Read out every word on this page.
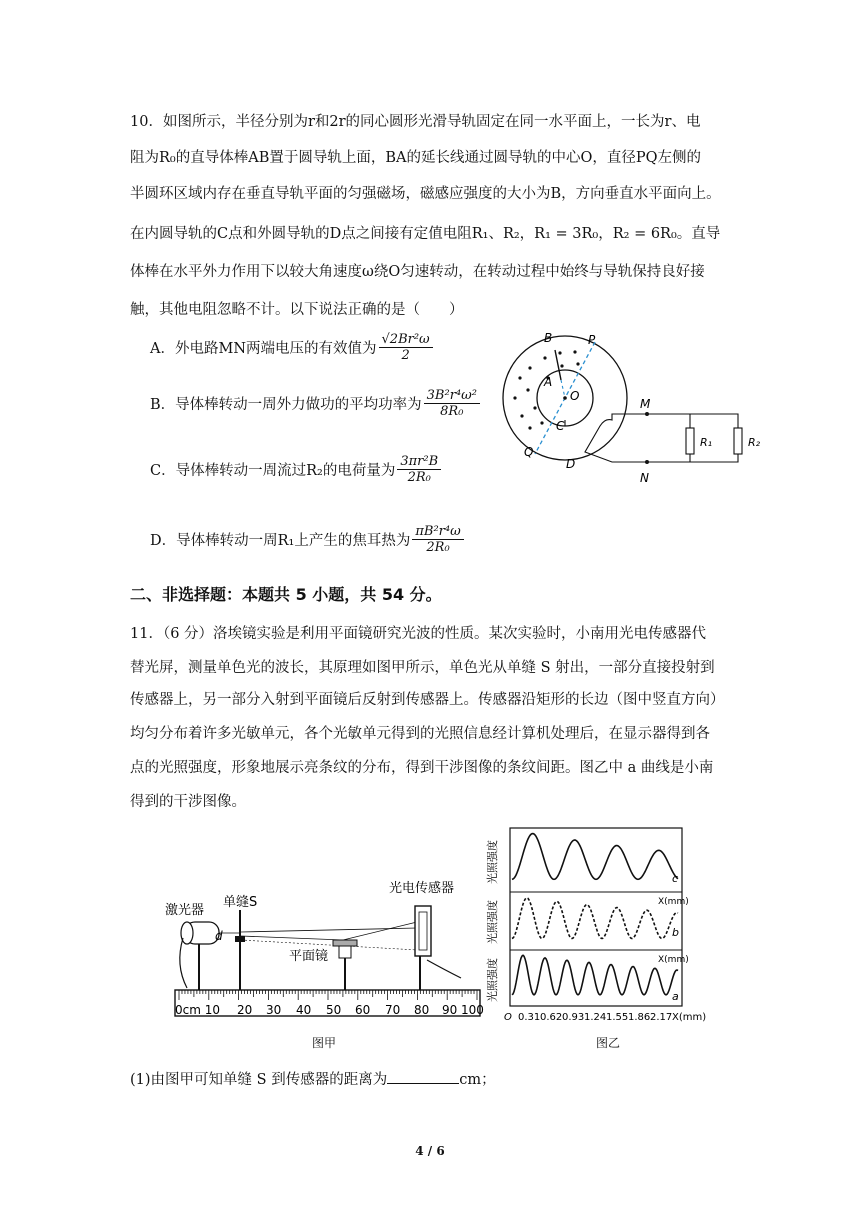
10．如图所示，半径分别为r和2r的同心圆形光滑导轨固定在同一水平面上，一长为r、电
阻为R₀的直导体棒AB置于圆导轨上面，BA的延长线通过圆导轨的中心O，直径PQ左侧的
半圆环区域内存在垂直导轨平面的匀强磁场，磁感应强度的大小为B，方向垂直水平面向上。
在内圆导轨的C点和外圆导轨的D点之间接有定值电阻R₁、R₂，R₁ = 3R₀，R₂ = 6R₀。直导
体棒在水平外力作用下以较大角速度ω绕O匀速转动，在转动过程中始终与导轨保持良好接
触，其他电阻忽略不计。以下说法正确的是（　　）
A．外电路MN两端电压的有效值为 $\frac{\text{√2Br²ω}}{2}$
B．导体棒转动一周外力做功的平均功率为 $\frac{\text{3B²r⁴ω²}}{\text{8R₀}}$
C．导体棒转动一周流过R₂的电荷量为 $\frac{\text{3πr²B}}{\text{2R₀}}$
D．导体棒转动一周R₁上产生的焦耳热为 $\frac{\text{πB²r⁴ω}}{\text{2R₀}}$
B	P
A
O
C
Q
D
M
N
R₁	R₂
二、非选择题：本题共 5 小题，共 54 分。
11．（6 分）洛埃镜实验是利用平面镜研究光波的性质。某次实验时，小南用光电传感器代
替光屏，测量单色光的波长，其原理如图甲所示，单色光从单缝 S 射出，一部分直接投射到
传感器上，另一部分入射到平面镜后反射到传感器上。传感器沿矩形的长边（图中竖直方向）
均匀分布着许多光敏单元，各个光敏单元得到的光照信息经计算机处理后，在显示器得到各
点的光照强度，形象地展示亮条纹的分布，得到干涉图像的条纹间距。图乙中 a 曲线是小南
得到的干涉图像。
0cm 10 20 30 40 50 60 70 80 90 100
激光器
单缝S
光电传感器
平面镜
d
图甲
光照强度
光照强度
光照强度
c
b
a
X(mm)
X(mm)
O 0.31 0.62 0.93 1.24 1.55 1.86 2.17 X(mm)
图乙
(1)由图甲可知单缝 S 到传感器的距离为	cm；
4 / 6
